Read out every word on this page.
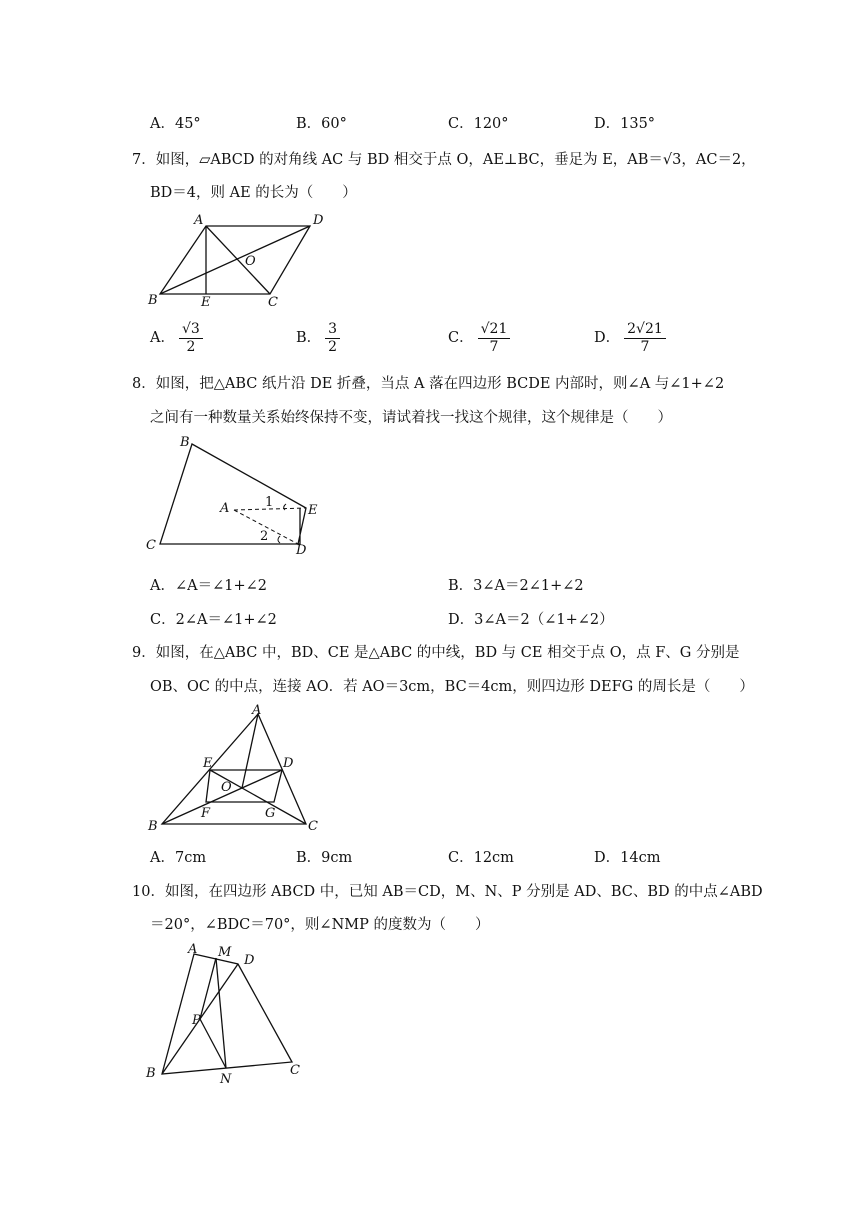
A．45°	B．60°	C．120°	D．135°
7．如图，▱ABCD 的对角线 AC 与 BD 相交于点 O，AE⊥BC，垂足为 E，AB＝√3，AC＝2，
BD＝4，则 AE 的长为（　　）
A	D
O
B	E	C
A． $\frac{√3}{2}$	B． $\frac{3}{2}$	C． $\frac{√21}{7}$	D． $\frac{2√21}{7}$
8．如图，把△ABC 纸片沿 DE 折叠，当点 A 落在四边形 BCDE 内部时，则∠A 与∠1+∠2
之间有一种数量关系始终保持不变，请试着找一找这个规律，这个规律是（　　）
B
A	1
E
2
C	D
A．∠A＝∠1+∠2	B．3∠A＝2∠1+∠2
C．2∠A＝∠1+∠2	D．3∠A＝2（∠1+∠2）
9．如图，在△ABC 中，BD、CE 是△ABC 的中线，BD 与 CE 相交于点 O，点 F、G 分别是
OB、OC 的中点，连接 AO．若 AO＝3cm，BC＝4cm，则四边形 DEFG 的周长是（　　）
A
E	D
O
F	G
B	C
A．7cm	B．9cm	C．12cm	D．14cm
10．如图，在四边形 ABCD 中，已知 AB＝CD，M、N、P 分别是 AD、BC、BD 的中点∠ABD
＝20°，∠BDC＝70°，则∠NMP 的度数为（　　）
A M
D
P
B	N
C
